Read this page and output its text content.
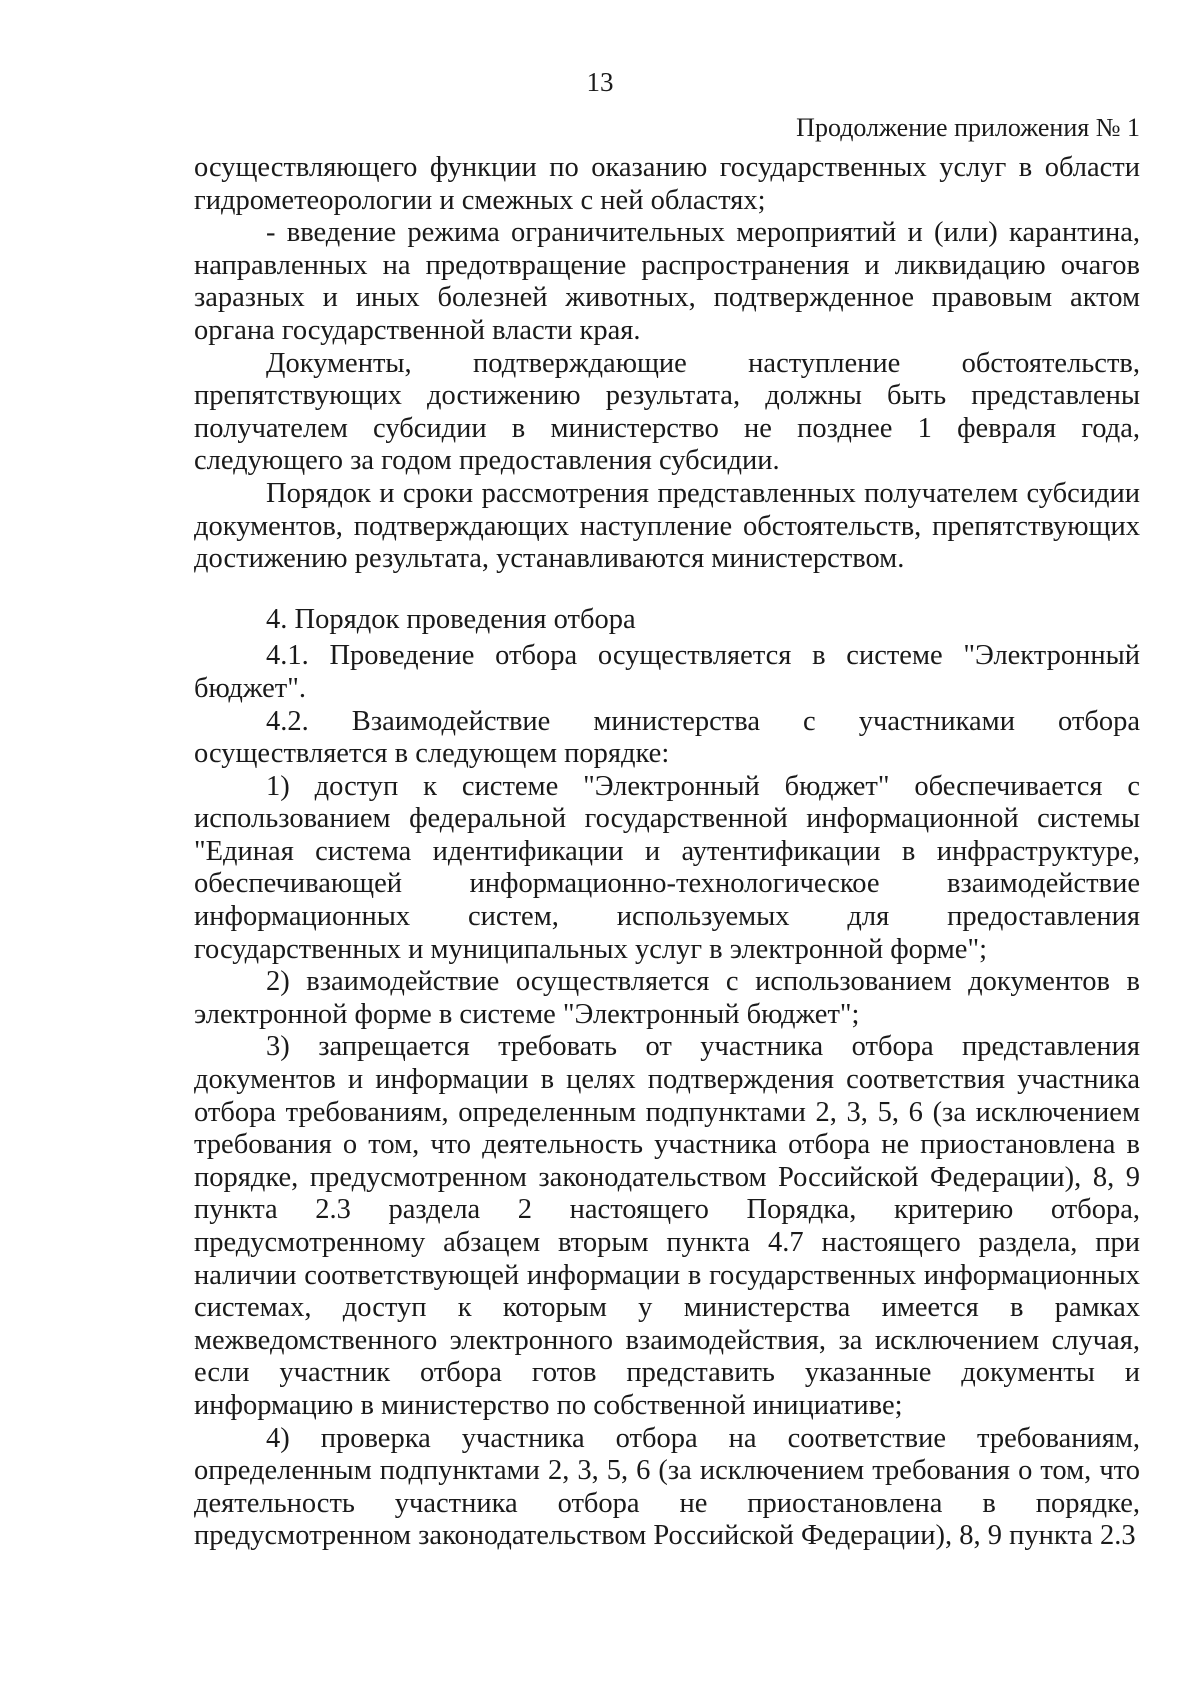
13
Продолжение приложения № 1

осуществляющего функции по оказанию государственных услуг в области гидрометеорологии и смежных с ней областях;

- введение режима ограничительных мероприятий и (или) карантина, направленных на предотвращение распространения и ликвидацию очагов заразных и иных болезней животных, подтвержденное правовым актом органа государственной власти края.

Документы, подтверждающие наступление обстоятельств, препятствующих достижению результата, должны быть представлены получателем субсидии в министерство не позднее 1 февраля года, следующего за годом предоставления субсидии.

Порядок и сроки рассмотрения представленных получателем субсидии документов, подтверждающих наступление обстоятельств, препятствующих достижению результата, устанавливаются министерством.

4. Порядок проведения отбора

4.1. Проведение отбора осуществляется в системе "Электронный бюджет".

4.2. Взаимодействие министерства с участниками отбора осуществляется в следующем порядке:

1) доступ к системе "Электронный бюджет" обеспечивается с использованием федеральной государственной информационной системы "Единая система идентификации и аутентификации в инфраструктуре, обеспечивающей информационно-технологическое взаимодействие информационных систем, используемых для предоставления государственных и муниципальных услуг в электронной форме";

2) взаимодействие осуществляется с использованием документов в электронной форме в системе "Электронный бюджет";

3) запрещается требовать от участника отбора представления документов и информации в целях подтверждения соответствия участника отбора требованиям, определенным подпунктами 2, 3, 5, 6 (за исключением требования о том, что деятельность участника отбора не приостановлена в порядке, предусмотренном законодательством Российской Федерации), 8, 9 пункта 2.3 раздела 2 настоящего Порядка, критерию отбора, предусмотренному абзацем вторым пункта 4.7 настоящего раздела, при наличии соответствующей информации в государственных информационных системах, доступ к которым у министерства имеется в рамках межведомственного электронного взаимодействия, за исключением случая, если участник отбора готов представить указанные документы и информацию в министерство по собственной инициативе;

4) проверка участника отбора на соответствие требованиям, определенным подпунктами 2, 3, 5, 6 (за исключением требования о том, что деятельность участника отбора не приостановлена в порядке, предусмотренном законодательством Российской Федерации), 8, 9 пункта 2.3
